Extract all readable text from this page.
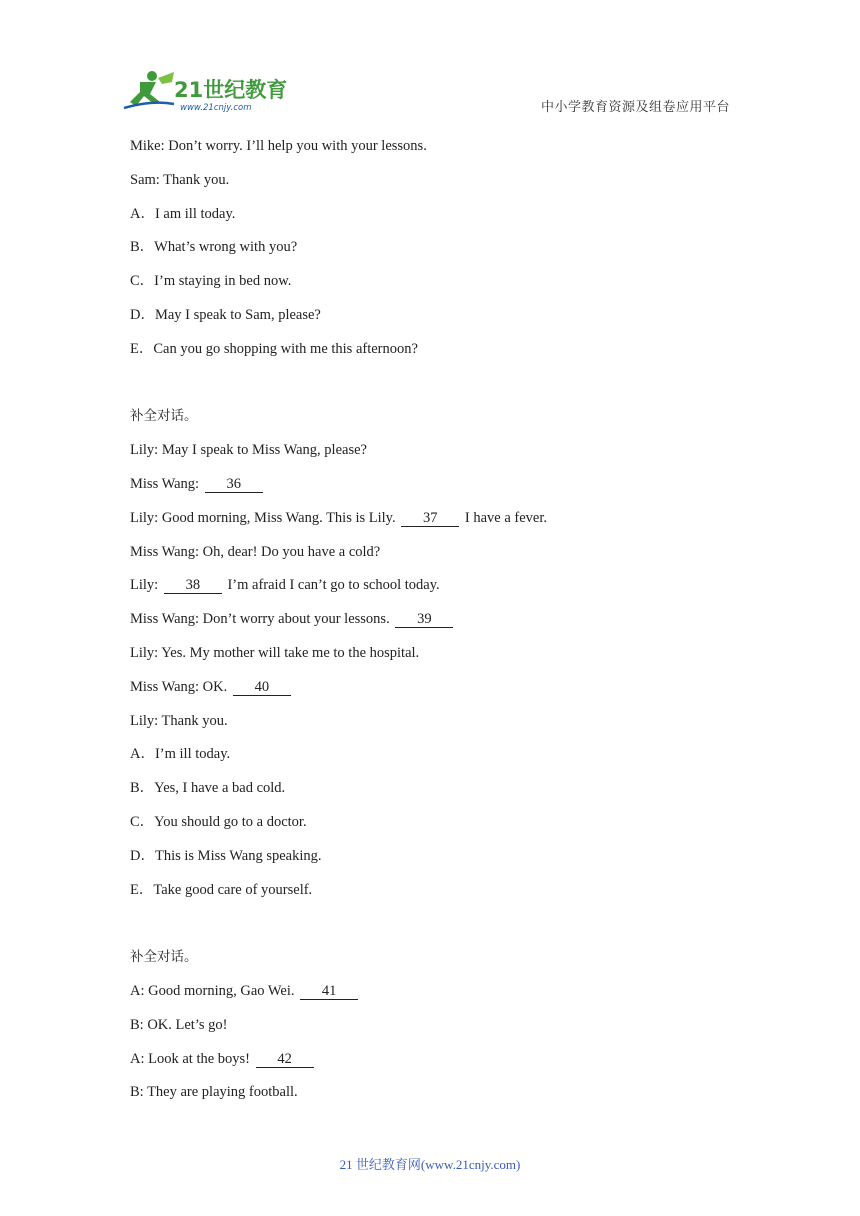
21世纪教育
www.21cnjy.com	中小学教育资源及组卷应用平台
Mike: Don’t worry. I’ll help you with your lessons.
Sam: Thank you.
A．I am ill today.
B．What’s wrong with you?
C．I’m staying in bed now.
D．May I speak to Sam, please?
E．Can you go shopping with me this afternoon?
补全对话。
Lily: May I speak to Miss Wang, please?
Miss Wang: 36
Lily: Good morning, Miss Wang. This is Lily. 37 I have a fever.
Miss Wang: Oh, dear! Do you have a cold?
Lily: 38 I’m afraid I can’t go to school today.
Miss Wang: Don’t worry about your lessons. 39
Lily: Yes. My mother will take me to the hospital.
Miss Wang: OK. 40
Lily: Thank you.
A．I’m ill today.
B．Yes, I have a bad cold.
C．You should go to a doctor.
D．This is Miss Wang speaking.
E．Take good care of yourself.
补全对话。
A: Good morning, Gao Wei. 41
B: OK. Let’s go!
A: Look at the boys! 42
B: They are playing football.
21 世纪教育网(www.21cnjy.com)
